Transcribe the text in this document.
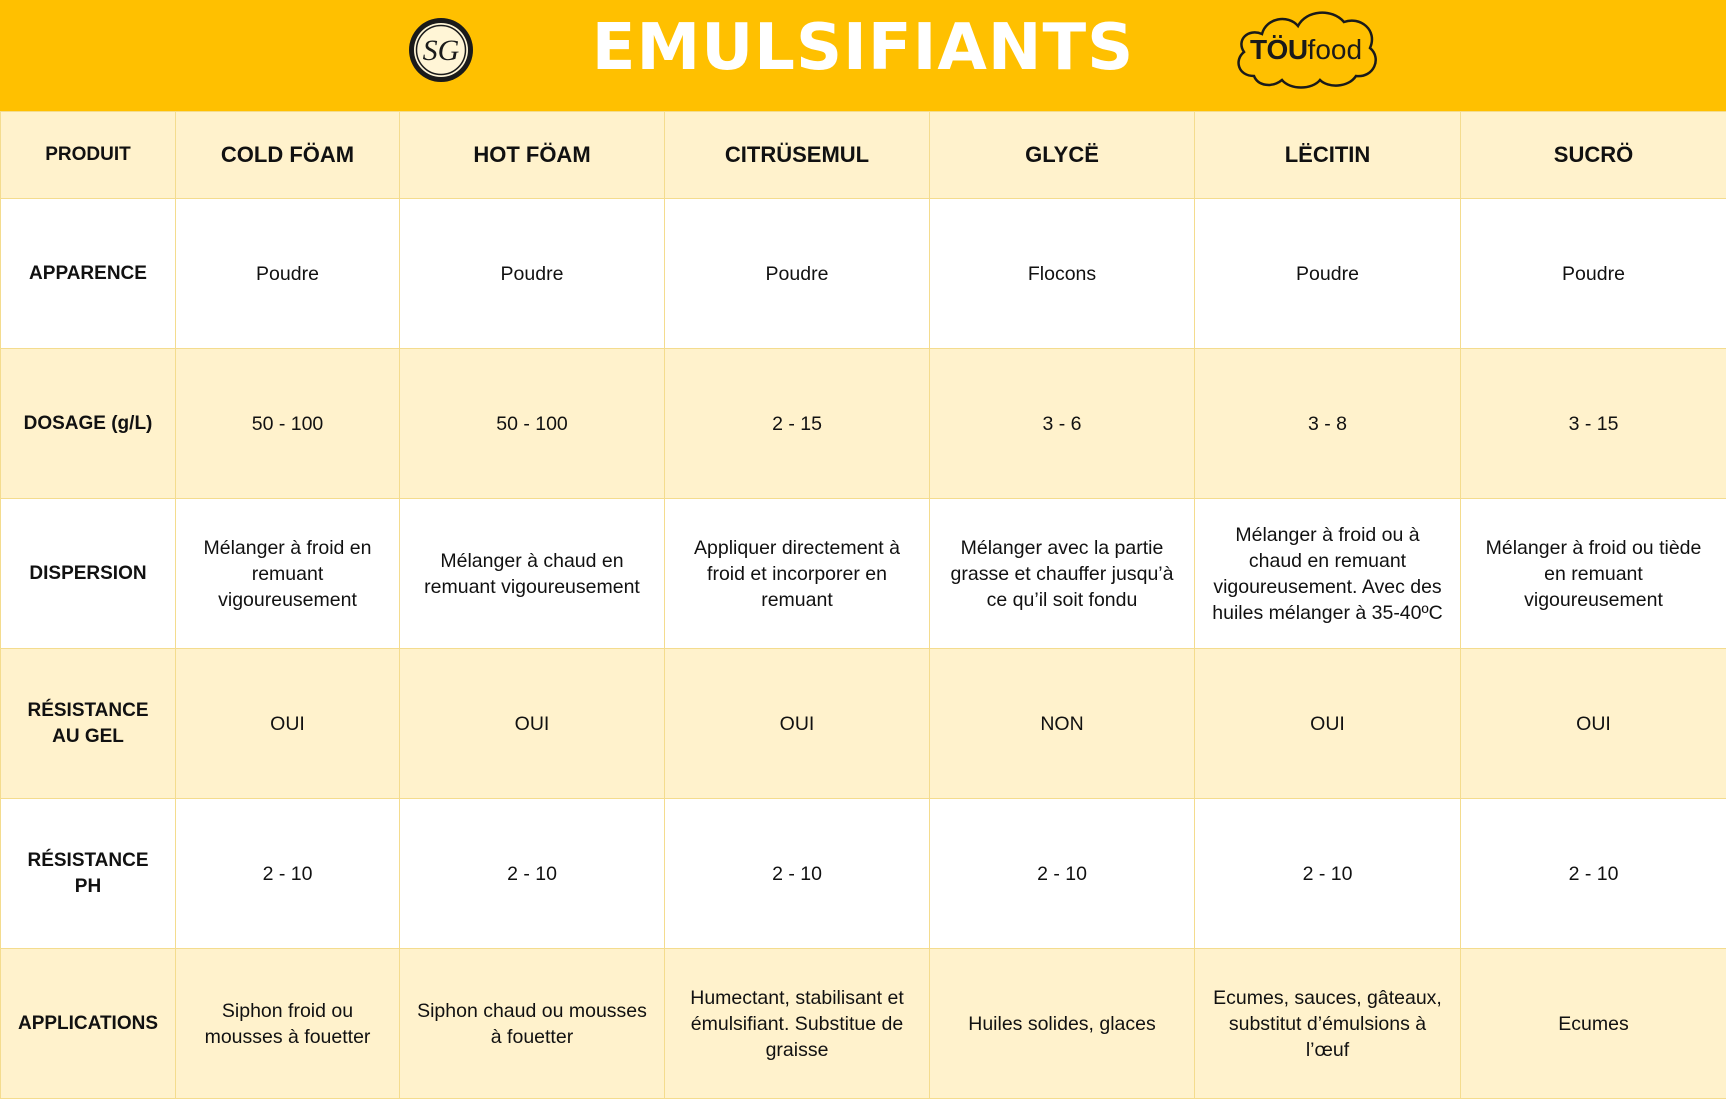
SG	EMULSIFIANTS	TÖUfood
PRODUIT	COLD FÖAM	HOT FÖAM	CITRÜSEMUL	GLYCË	LËCITIN	SUCRÖ
APPARENCE	Poudre	Poudre	Poudre	Flocons	Poudre	Poudre
DOSAGE (g/L)	50 - 100	50 - 100	2 - 15	3 - 6	3 - 8	3 - 15
DISPERSION	Mélanger à froid en remuant vigoureusement	Mélanger à chaud en remuant vigoureusement	Appliquer directement à froid et incorporer en remuant	Mélanger avec la partie grasse et chauffer jusqu’à ce qu’il soit fondu	Mélanger à froid ou à chaud en remuant vigoureusement. Avec des huiles mélanger à 35-40ºC	Mélanger à froid ou tiède en remuant vigoureusement
RÉSISTANCE AU GEL	OUI	OUI	OUI	NON	OUI	OUI
RÉSISTANCE PH	2 - 10	2 - 10	2 - 10	2 - 10	2 - 10	2 - 10
APPLICATIONS	Siphon froid ou mousses à fouetter	Siphon chaud ou mousses à fouetter	Humectant, stabilisant et émulsifiant. Substitue de graisse	Huiles solides, glaces	Ecumes, sauces, gâteaux, substitut d’émulsions à l’œuf	Ecumes
